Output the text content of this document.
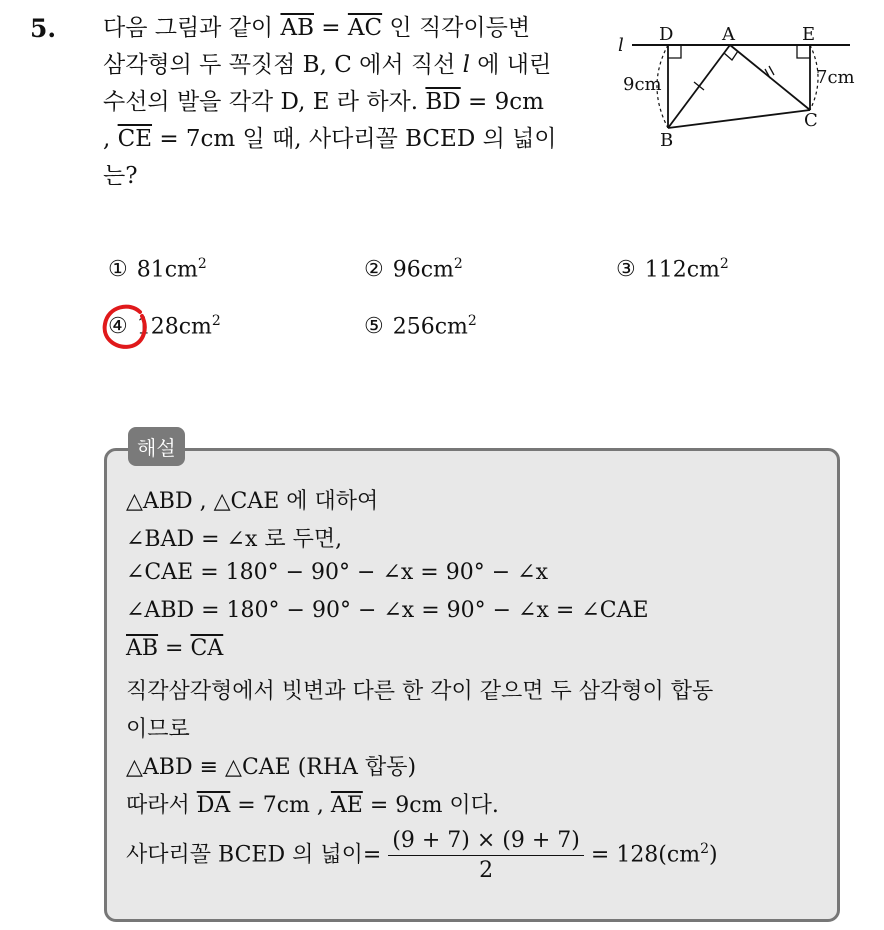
5. 다음 그림과 같이 $\overline{AB} = \overline{AC}$ 인 직각이등변
삼각형의 두 꼭짓점 B, C 에서 직선 l 에 내린
수선의 발을 각각 D, E 라 하자. $\overline{BD} = 9cm$
, $\overline{CE} = 7cm$ 일 때, 사다리꼴 BCED 의 넓이
는?
l
D	A	E
B
C
9cm	7cm
① $81cm^2$	② $96cm^2$	③ $112cm^2$
④ $128cm^2$	⑤ $256cm^2$
해설
△ABD , △CAE 에 대하여
∠BAD = ∠x 로 두면,
∠CAE = 180° − 90° − ∠x = 90° − ∠x
∠ABD = 180° − 90° − ∠x = 90° − ∠x = ∠CAE
$\overline{AB} = \overline{CA}$
직각삼각형에서 빗변과 다른 한 각이 같으면 두 삼각형이 합동
이므로
△ABD ≡ △CAE (RHA 합동)
따라서 $\overline{DA} = 7cm$ , $\overline{AE} = 9cm$ 이다.
사다리꼴 BCED 의 넓이= $\frac{(9 + 7) \times (9 + 7)}{2} = 128(cm^2)$
